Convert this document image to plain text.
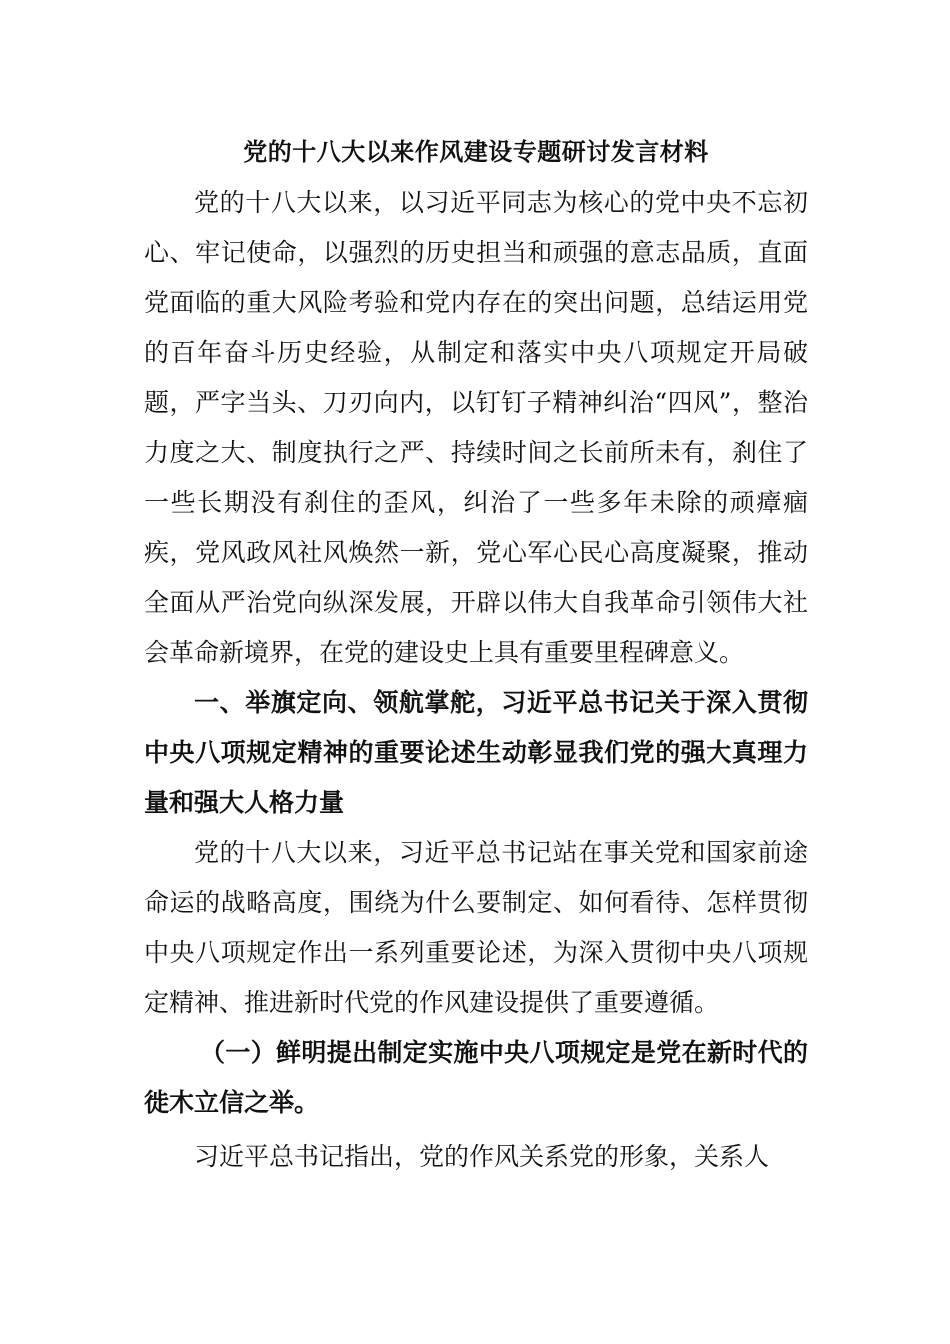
党的十八大以来作风建设专题研讨发言材料

党的十八大以来，以习近平同志为核心的党中央不忘初心、牢记使命，以强烈的历史担当和顽强的意志品质，直面党面临的重大风险考验和党内存在的突出问题，总结运用党的百年奋斗历史经验，从制定和落实中央八项规定开局破题，严字当头、刀刃向内，以钉钉子精神纠治“四风”，整治力度之大、制度执行之严、持续时间之长前所未有，刹住了一些长期没有刹住的歪风，纠治了一些多年未除的顽瘴痼疾，党风政风社风焕然一新，党心军心民心高度凝聚，推动全面从严治党向纵深发展，开辟以伟大自我革命引领伟大社会革命新境界，在党的建设史上具有重要里程碑意义。

一、举旗定向、领航掌舵，习近平总书记关于深入贯彻中央八项规定精神的重要论述生动彰显我们党的强大真理力量和强大人格力量

党的十八大以来，习近平总书记站在事关党和国家前途命运的战略高度，围绕为什么要制定、如何看待、怎样贯彻中央八项规定作出一系列重要论述，为深入贯彻中央八项规定精神、推进新时代党的作风建设提供了重要遵循。

（一）鲜明提出制定实施中央八项规定是党在新时代的徙木立信之举。

习近平总书记指出，党的作风关系党的形象，关系人
